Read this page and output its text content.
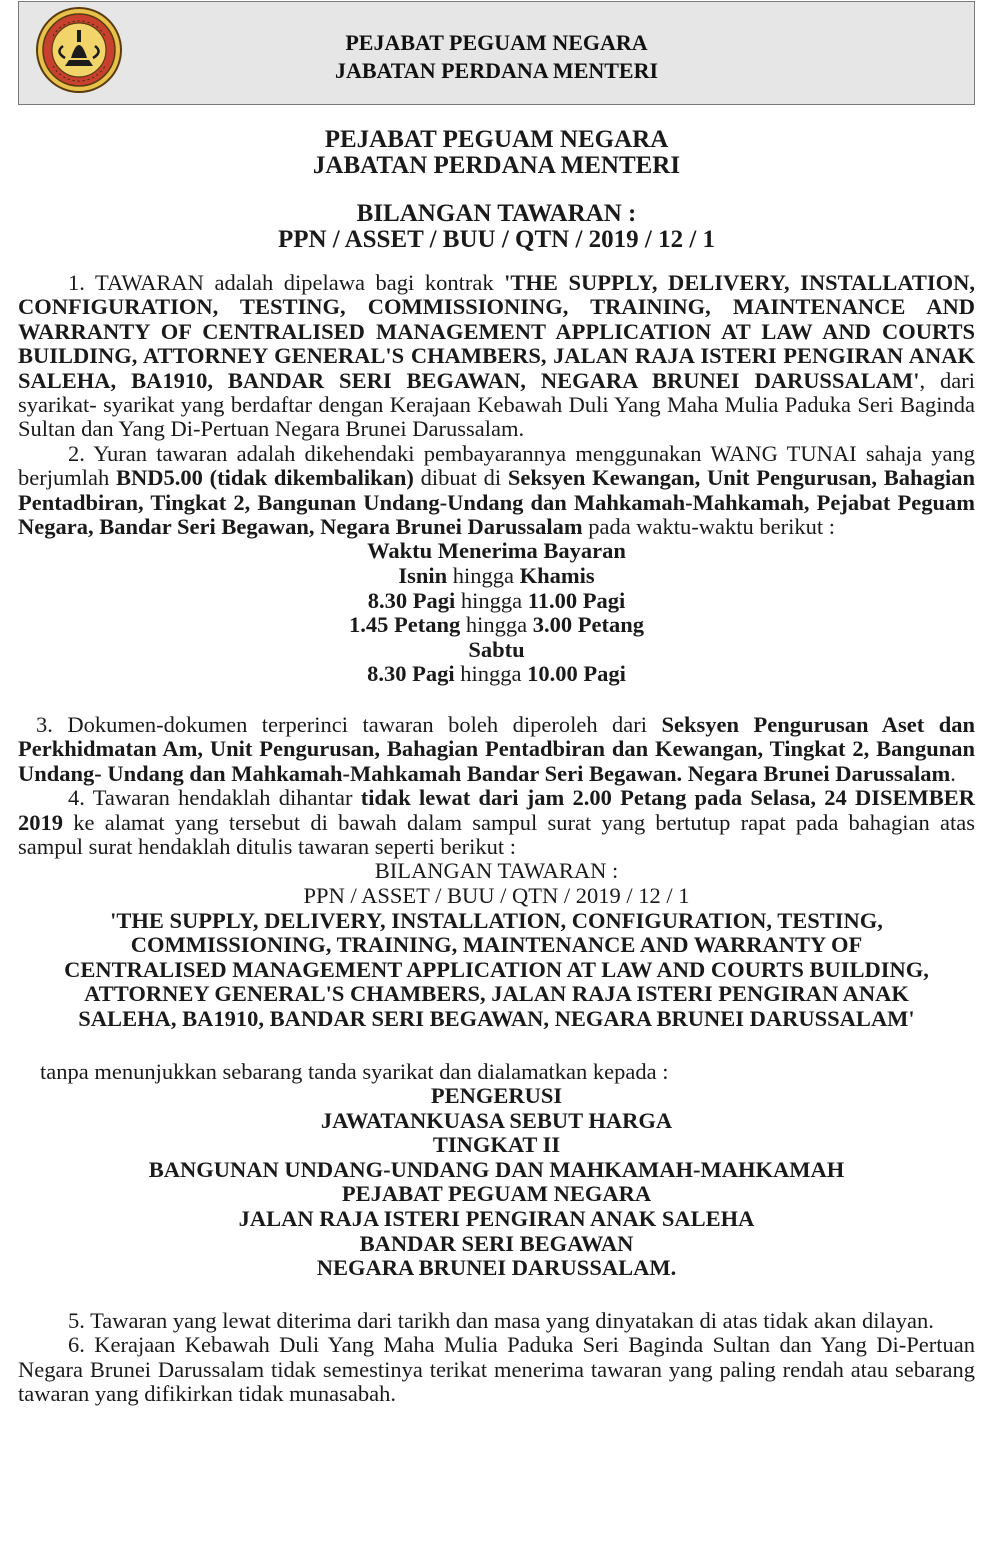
PEJABAT PEGUAM NEGARA
JABATAN PERDANA MENTERI

PEJABAT PEGUAM NEGARA

JABATAN PERDANA MENTERI

BILANGAN TAWARAN :

PPN / ASSET / BUU / QTN / 2019 / 12 / 1

1. TAWARAN adalah dipelawa bagi kontrak 'THE SUPPLY, DELIVERY, INSTALLATION, CONFIGURATION, TESTING, COMMISSIONING, TRAINING, MAINTENANCE AND WARRANTY OF CENTRALISED MANAGEMENT APPLICATION AT LAW AND COURTS BUILDING, ATTORNEY GENERAL'S CHAMBERS, JALAN RAJA ISTERI PENGIRAN ANAK SALEHA, BA1910, BANDAR SERI BEGAWAN, NEGARA BRUNEI DARUSSALAM', dari syarikat- syarikat yang berdaftar dengan Kerajaan Kebawah Duli Yang Maha Mulia Paduka Seri Baginda Sultan dan Yang Di-Pertuan Negara Brunei Darussalam.

2. Yuran tawaran adalah dikehendaki pembayarannya menggunakan WANG TUNAI sahaja yang berjumlah BND5.00 (tidak dikembalikan) dibuat di Seksyen Kewangan, Unit Pengurusan, Bahagian Pentadbiran, Tingkat 2, Bangunan Undang-Undang dan Mahkamah-Mahkamah, Pejabat Peguam Negara, Bandar Seri Begawan, Negara Brunei Darussalam pada waktu-waktu berikut :

Waktu Menerima Bayaran
Isnin hingga Khamis
8.30 Pagi hingga 11.00 Pagi
1.45 Petang hingga 3.00 Petang
Sabtu
8.30 Pagi hingga 10.00 Pagi

3. Dokumen-dokumen terperinci tawaran boleh diperoleh dari Seksyen Pengurusan Aset dan Perkhidmatan Am, Unit Pengurusan, Bahagian Pentadbiran dan Kewangan, Tingkat 2, Bangunan Undang- Undang dan Mahkamah-Mahkamah Bandar Seri Begawan. Negara Brunei Darussalam.

4. Tawaran hendaklah dihantar tidak lewat dari jam 2.00 Petang pada Selasa, 24 DISEMBER 2019 ke alamat yang tersebut di bawah dalam sampul surat yang bertutup rapat pada bahagian atas sampul surat hendaklah ditulis tawaran seperti berikut :

BILANGAN TAWARAN :
PPN / ASSET / BUU / QTN / 2019 / 12 / 1

'THE SUPPLY, DELIVERY, INSTALLATION, CONFIGURATION, TESTING, COMMISSIONING, TRAINING, MAINTENANCE AND WARRANTY OF CENTRALISED MANAGEMENT APPLICATION AT LAW AND COURTS BUILDING, ATTORNEY GENERAL'S CHAMBERS, JALAN RAJA ISTERI PENGIRAN ANAK SALEHA, BA1910, BANDAR SERI BEGAWAN, NEGARA BRUNEI DARUSSALAM'

tanpa menunjukkan sebarang tanda syarikat dan dialamatkan kepada :

PENGERUSI

JAWATANKUASA SEBUT HARGA

TINGKAT II

BANGUNAN UNDANG-UNDANG DAN MAHKAMAH-MAHKAMAH

PEJABAT PEGUAM NEGARA

JALAN RAJA ISTERI PENGIRAN ANAK SALEHA

BANDAR SERI BEGAWAN

NEGARA BRUNEI DARUSSALAM.

5. Tawaran yang lewat diterima dari tarikh dan masa yang dinyatakan di atas tidak akan dilayan.

6. Kerajaan Kebawah Duli Yang Maha Mulia Paduka Seri Baginda Sultan dan Yang Di-Pertuan Negara Brunei Darussalam tidak semestinya terikat menerima tawaran yang paling rendah atau sebarang tawaran yang difikirkan tidak munasabah.
